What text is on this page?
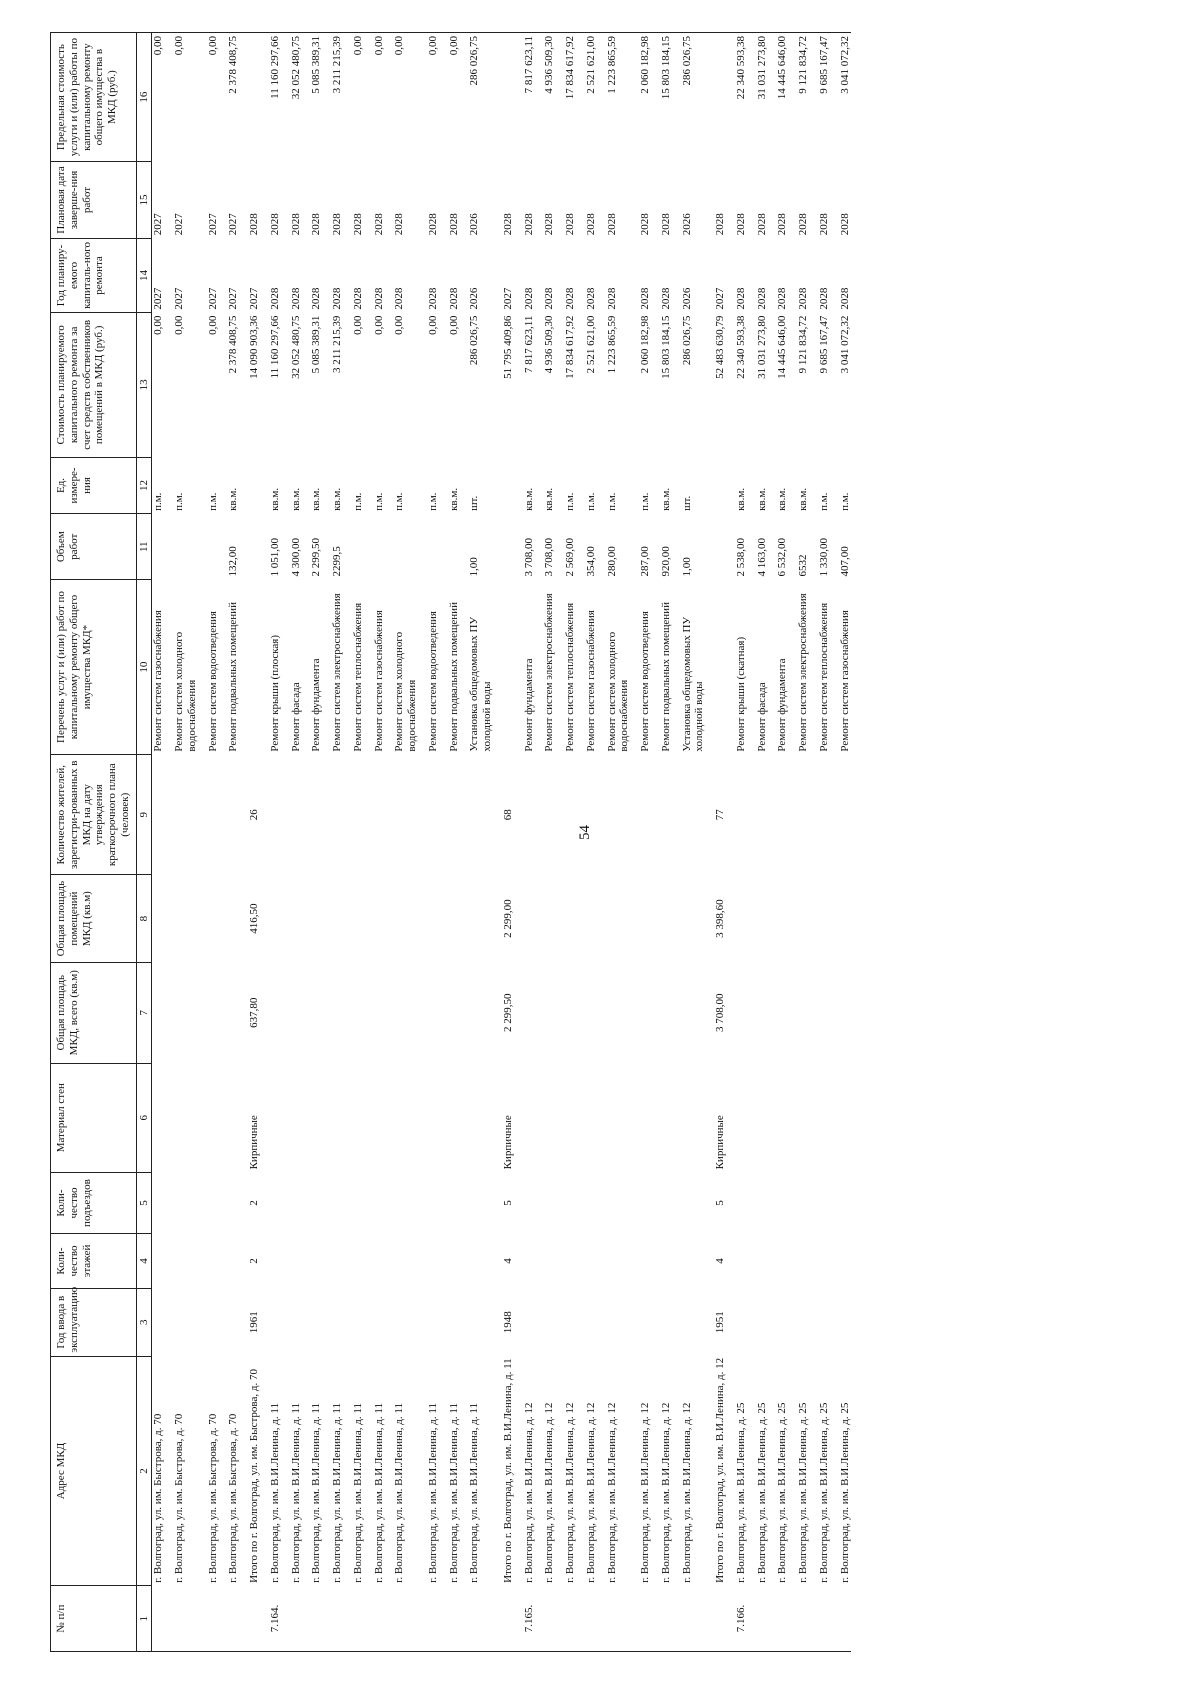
54
№ п/п	Адрес МКД	Год ввода в эксплуатацию	Коли-чество этажей	Коли-чество подъездов	Материал стен	Общая площадь МКД, всего (кв.м)	Общая площадь помещений МКД (кв.м)	Количество жителей, зарегистри-рованных в МКД на дату утверждения краткосрочного плана (человек)	Перечень услуг и (или) работ по капитальному ремонту общего имущества МКД*	Объем работ	Ед. измере-ния	Стоимость планируемого капитального ремонта за счет средств собственников помещений в МКД (руб.)	Год планиру-емого капиталь-ного ремонта	Плановая дата заверше-ния работ	Предельная стоимость услуги и (или) работы по капитальному ремонту общего имущества в МКД (руб.)
1	2	3	4	5	6	7	8	9	10	11	12	13	14	15	16
	г. Волгоград, ул. им. Быстрова, д. 70								Ремонт систем газоснабжения		п.м.	0,00	2027	2027	0,00

	г. Волгоград, ул. им. Быстрова, д. 70								Ремонт систем холодного водоснабжения		п.м.	0,00	2027	2027	0,00

	г. Волгоград, ул. им. Быстрова, д. 70								Ремонт систем водоотведения		п.м.	0,00	2027	2027	0,00

	г. Волгоград, ул. им. Быстрова, д. 70								Ремонт подвальных помещений	132,00	кв.м.	2 378 408,75	2027	2027	2 378 408,75

	Итого по г. Волгоград, ул. им. Быстрова, д. 70	1961	2	2	Кирпичные	637,80	416,50	26				14 090 903,36	2027	2028	

7.164.	г. Волгоград, ул. им. В.И.Ленина, д. 11								Ремонт крыши (плоская)	1 051,00	кв.м.	11 160 297,66	2028	2028	11 160 297,66

	г. Волгоград, ул. им. В.И.Ленина, д. 11								Ремонт фасада	4 300,00	кв.м.	32 052 480,75	2028	2028	32 052 480,75

	г. Волгоград, ул. им. В.И.Ленина, д. 11								Ремонт фундамента	2 299,50	кв.м.	5 085 389,31	2028	2028	5 085 389,31

	г. Волгоград, ул. им. В.И.Ленина, д. 11								Ремонт систем электроснабжения	2299,5	кв.м.	3 211 215,39	2028	2028	3 211 215,39

	г. Волгоград, ул. им. В.И.Ленина, д. 11								Ремонт систем теплоснабжения		п.м.	0,00	2028	2028	0,00

	г. Волгоград, ул. им. В.И.Ленина, д. 11								Ремонт систем газоснабжения		п.м.	0,00	2028	2028	0,00

	г. Волгоград, ул. им. В.И.Ленина, д. 11								Ремонт систем холодного водоснабжения		п.м.	0,00	2028	2028	0,00

	г. Волгоград, ул. им. В.И.Ленина, д. 11								Ремонт систем водоотведения		п.м.	0,00	2028	2028	0,00

	г. Волгоград, ул. им. В.И.Ленина, д. 11								Ремонт подвальных помещений		кв.м.	0,00	2028	2028	0,00

	г. Волгоград, ул. им. В.И.Ленина, д. 11								Установка общедомовых ПУ холодной воды	1,00	шт.	286 026,75	2026	2026	286 026,75

	Итого по г. Волгоград, ул. им. В.И.Ленина, д. 11	1948	4	5	Кирпичные	2 299,50	2 299,00	68				51 795 409,86	2027	2028	

7.165.	г. Волгоград, ул. им. В.И.Ленина, д. 12								Ремонт фундамента	3 708,00	кв.м.	7 817 623,11	2028	2028	7 817 623,11

	г. Волгоград, ул. им. В.И.Ленина, д. 12								Ремонт систем электроснабжения	3 708,00	кв.м.	4 936 509,30	2028	2028	4 936 509,30

	г. Волгоград, ул. им. В.И.Ленина, д. 12								Ремонт систем теплоснабжения	2 569,00	п.м.	17 834 617,92	2028	2028	17 834 617,92

	г. Волгоград, ул. им. В.И.Ленина, д. 12								Ремонт систем газоснабжения	354,00	п.м.	2 521 621,00	2028	2028	2 521 621,00

	г. Волгоград, ул. им. В.И.Ленина, д. 12								Ремонт систем холодного водоснабжения	280,00	п.м.	1 223 865,59	2028	2028	1 223 865,59

	г. Волгоград, ул. им. В.И.Ленина, д. 12								Ремонт систем водоотведения	287,00	п.м.	2 060 182,98	2028	2028	2 060 182,98

	г. Волгоград, ул. им. В.И.Ленина, д. 12								Ремонт подвальных помещений	920,00	кв.м.	15 803 184,15	2028	2028	15 803 184,15

	г. Волгоград, ул. им. В.И.Ленина, д. 12								Установка общедомовых ПУ холодной воды	1,00	шт.	286 026,75	2026	2026	286 026,75

	Итого по г. Волгоград, ул. им. В.И.Ленина, д. 12	1951	4	5	Кирпичные	3 708,00	3 398,60	77				52 483 630,79	2027	2028	

7.166.	г. Волгоград, ул. им. В.И.Ленина, д. 25								Ремонт крыши (скатная)	2 538,00	кв.м.	22 340 593,38	2028	2028	22 340 593,38

	г. Волгоград, ул. им. В.И.Ленина, д. 25								Ремонт фасада	4 163,00	кв.м.	31 031 273,80	2028	2028	31 031 273,80

	г. Волгоград, ул. им. В.И.Ленина, д. 25								Ремонт фундамента	6 532,00	кв.м.	14 445 646,00	2028	2028	14 445 646,00

	г. Волгоград, ул. им. В.И.Ленина, д. 25								Ремонт систем электроснабжения	6532	кв.м.	9 121 834,72	2028	2028	9 121 834,72

	г. Волгоград, ул. им. В.И.Ленина, д. 25								Ремонт систем теплоснабжения	1 330,00	п.м.	9 685 167,47	2028	2028	9 685 167,47

	г. Волгоград, ул. им. В.И.Ленина, д. 25								Ремонт систем газоснабжения	407,00	п.м.	3 041 072,32	2028	2028	3 041 072,32
